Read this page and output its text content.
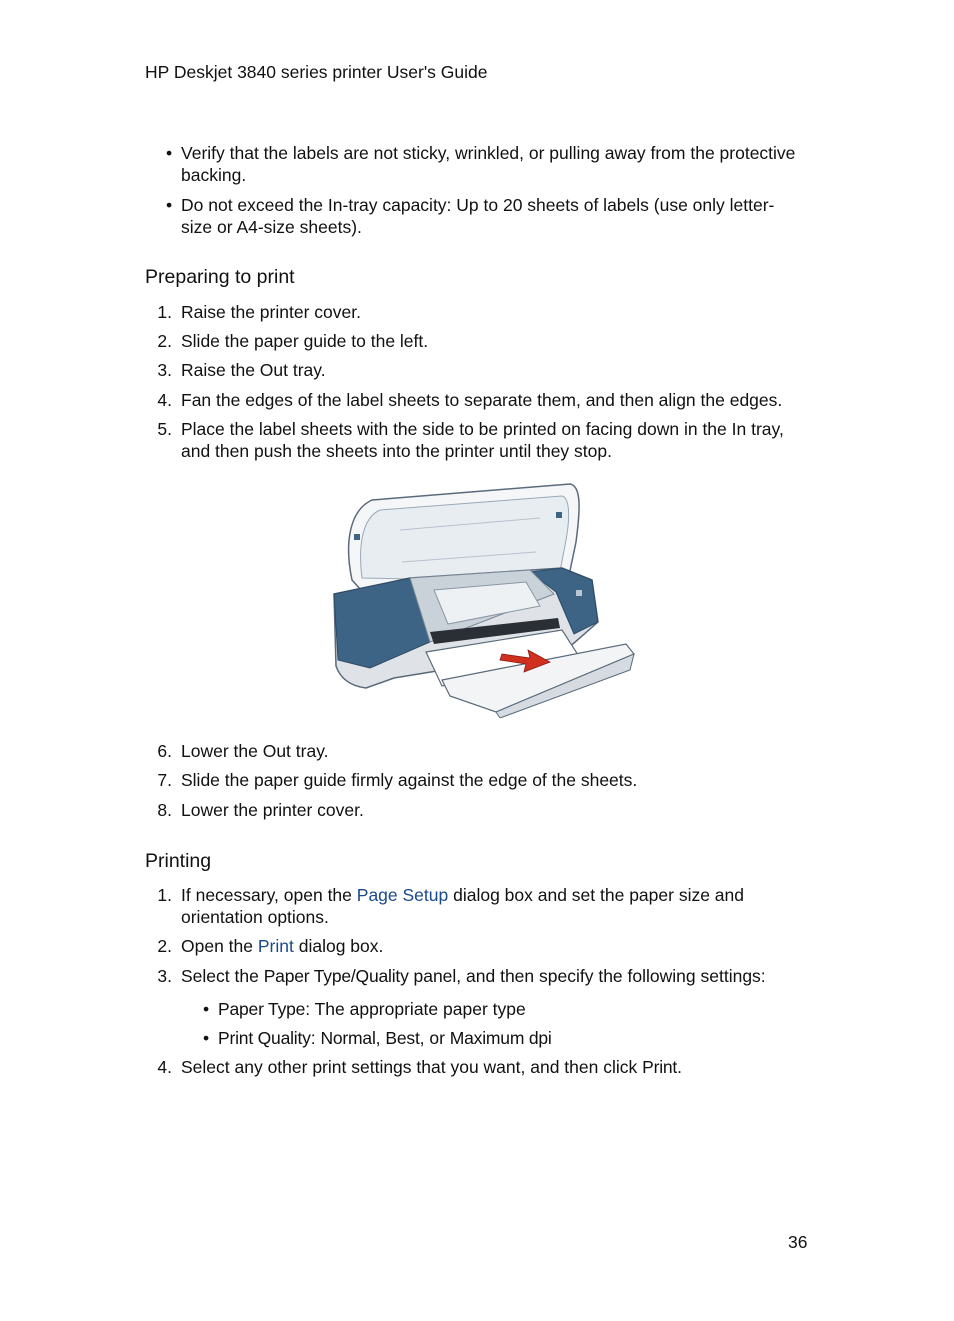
HP Deskjet 3840 series printer User's Guide
• Verify that the labels are not sticky, wrinkled, or pulling away from the protective
backing.
• Do not exceed the In-tray capacity: Up to 20 sheets of labels (use only letter-
size or A4-size sheets).
Preparing to print
1. Raise the printer cover.
2. Slide the paper guide to the left.
3. Raise the Out tray.
4. Fan the edges of the label sheets to separate them, and then align the edges.
5. Place the label sheets with the side to be printed on facing down in the In tray,
and then push the sheets into the printer until they stop.
6. Lower the Out tray.
7. Slide the paper guide firmly against the edge of the sheets.
8. Lower the printer cover.
Printing
1. If necessary, open the Page Setup dialog box and set the paper size and
orientation options.
2. Open the Print dialog box.
3. Select the Paper Type/Quality panel, and then specify the following settings:
• Paper Type: The appropriate paper type
• Print Quality: Normal, Best, or Maximum dpi
4. Select any other print settings that you want, and then click Print.
36
